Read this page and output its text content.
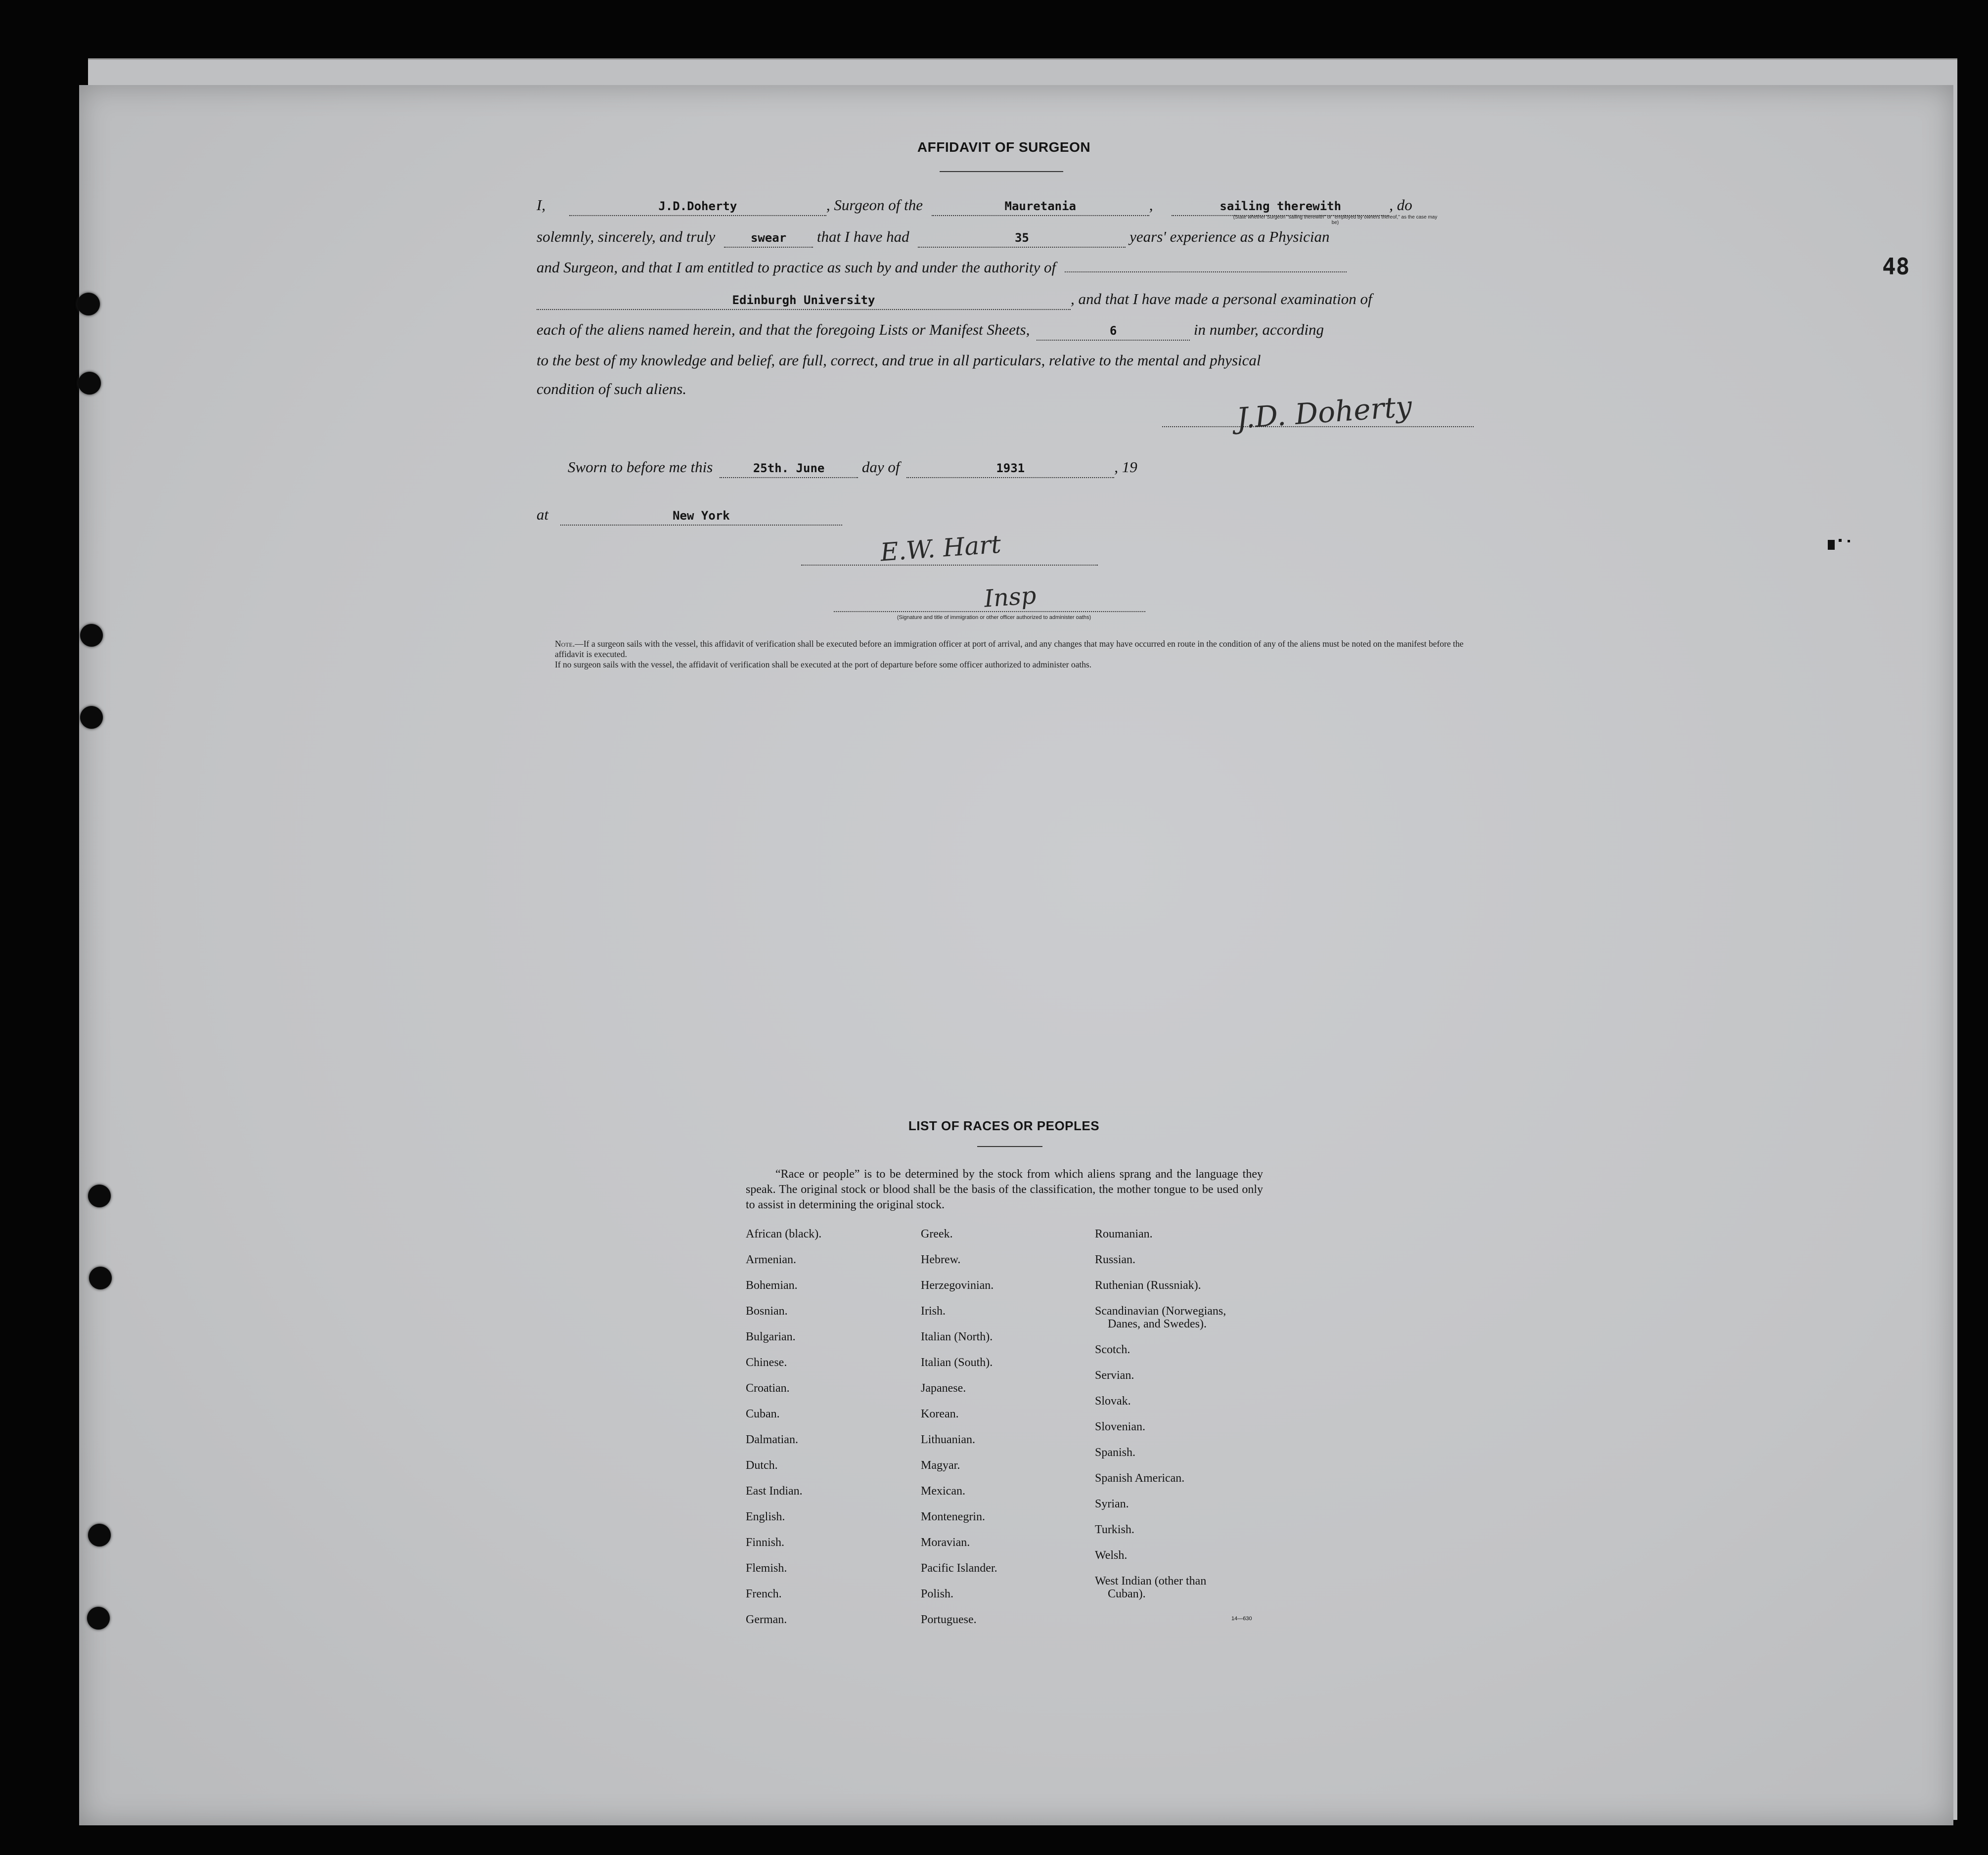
48
AFFIDAVIT OF SURGEON
I,	J.D.Doherty	, Surgeon of the	Mauretania	,	sailing therewith	, do
(State whether Surgeon "sailing therewith" or "employed by owners thereof," as the case may be)
solemnly, sincerely, and truly	swear that I have had	35	years' experience as a Physician
and Surgeon, and that I am entitled to practice as such by and under the authority of
Edinburgh University	, and that I have made a personal examination of
each of the aliens named herein, and that the foregoing Lists or Manifest Sheets,	6	in number, according
to the best of my knowledge and belief, are full, correct, and true in all particulars, relative to the mental and physical
condition of such aliens.
J.D. Doherty
Sworn to before me this	25th. June day of	1931	, 19
at	New York
E.W. Hart
Insp
(Signature and title of immigration or other officer authorized to administer oaths)

Note.—If a surgeon sails with the vessel, this affidavit of verification shall be executed before an immigration officer at port of arrival, and any changes that may have occurred en route in the condition of any of the aliens must be noted on the manifest before the affidavit is executed.

If no surgeon sails with the vessel, the affidavit of verification shall be executed at the port of departure before some officer authorized to administer oaths.

LIST OF RACES OR PEOPLES
“Race or people” is to be determined by the stock from which aliens sprang and the language they speak. The original stock or blood shall be the basis of the classification, the mother tongue to be used only to assist in determining the original stock.
African (black).
Armenian.
Bohemian.
Bosnian.
Bulgarian.
Chinese.
Croatian.
Cuban.
Dalmatian.
Dutch.
East Indian.
English.
Finnish.
Flemish.
French.
German.
Greek.
Hebrew.
Herzegovinian.
Irish.
Italian (North).
Italian (South).
Japanese.
Korean.
Lithuanian.
Magyar.
Mexican.
Montenegrin.
Moravian.
Pacific Islander.
Polish.
Portuguese.
Roumanian.
Russian.
Ruthenian (Russniak).
Scandinavian (Norwegians,
Danes, and Swedes).
Scotch.
Servian.
Slovak.
Slovenian.
Spanish.
Spanish American.
Syrian.
Turkish.
Welsh.
West Indian (other than
Cuban).
14—630
